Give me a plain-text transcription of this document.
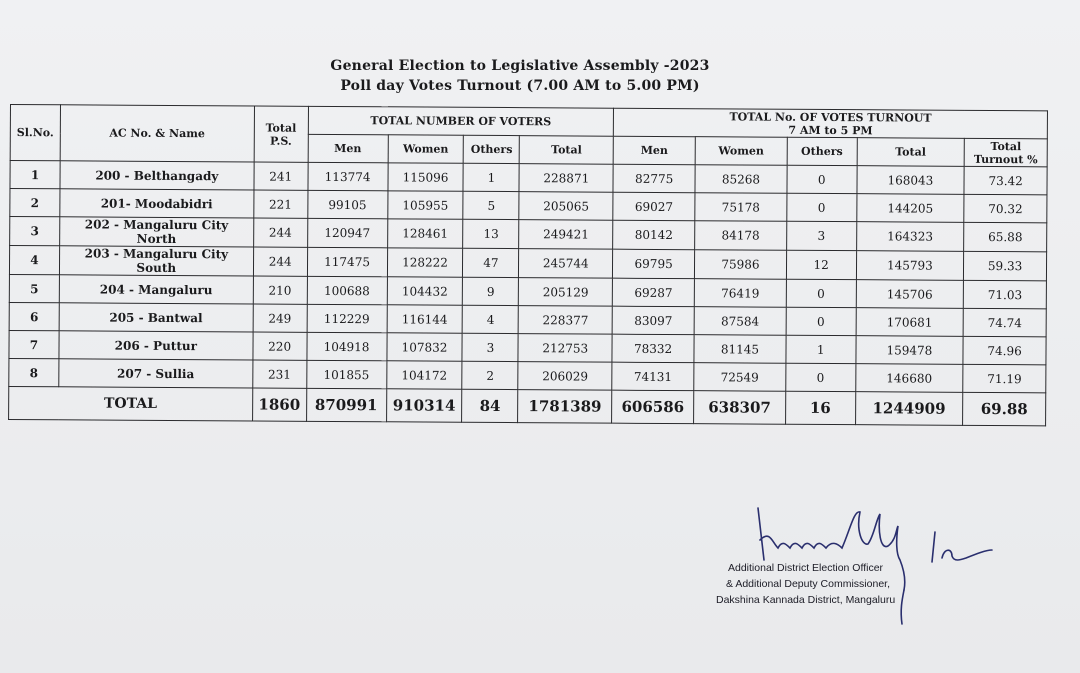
General Election to Legislative Assembly -2023
Poll day Votes Turnout (7.00 AM to 5.00 PM)
Sl.No.	AC No. & Name	Total P.S.	TOTAL NUMBER OF VOTERS				TOTAL No. OF VOTES TURNOUT
7 AM to 5 PM				

			Men	Women	Others	Total	Men	Women	Others	Total	Total
Turnout %

1	200 - Belthangady	241	113774	115096	1	228871	82775	85268	0	168043	73.42
2	201- Moodabidri	221	99105	105955	5	205065	69027	75178	0	144205	70.32
3	202 - Mangaluru City North	244	120947	128461	13	249421	80142	84178	3	164323	65.88
4	203 - Mangaluru City South	244	117475	128222	47	245744	69795	75986	12	145793	59.33
5	204 - Mangaluru	210	100688	104432	9	205129	69287	76419	0	145706	71.03
6	205 - Bantwal	249	112229	116144	4	228377	83097	87584	0	170681	74.74
7	206 - Puttur	220	104918	107832	3	212753	78332	81145	1	159478	74.96
8	207 - Sullia	231	101855	104172	2	206029	74131	72549	0	146680	71.19
TOTAL		1860	870991	910314	84	1781389	606586	638307	16	1244909	69.88
Additional District Election Officer
& Additional Deputy Commissioner,
Dakshina Kannada District, Mangaluru
